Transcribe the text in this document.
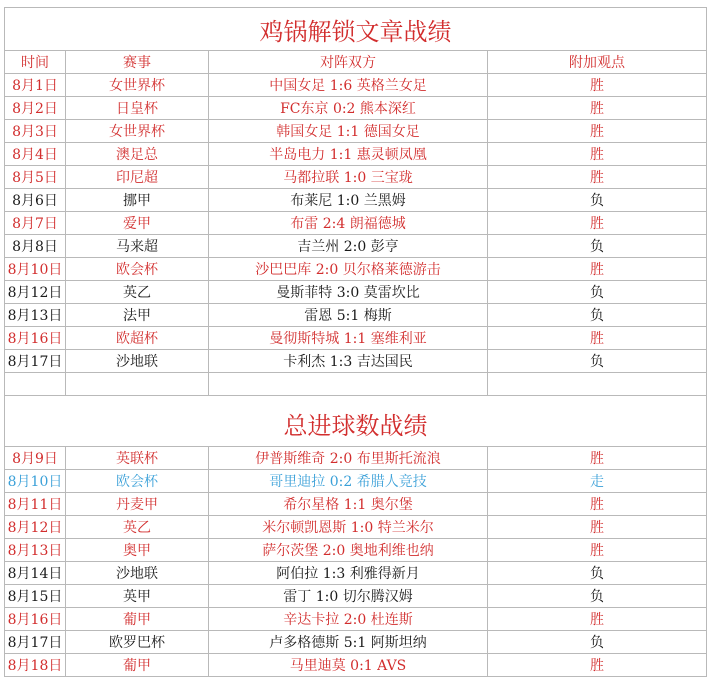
鸡锅解锁文章战绩			
时间	赛事	对阵双方	附加观点
8月1日	女世界杯	中国女足 1:6 英格兰女足	胜
8月2日	日皇杯	FC东京 0:2 熊本深红	胜
8月3日	女世界杯	韩国女足 1:1 德国女足	胜
8月4日	澳足总	半岛电力 1:1 惠灵顿凤凰	胜
8月5日	印尼超	马都拉联 1:0 三宝珑	胜
8月6日	挪甲	布莱尼 1:0 兰黑姆	负
8月7日	爱甲	布雷 2:4 朗福德城	胜
8月8日	马来超	吉兰州 2:0 彭亨	负
8月10日	欧会杯	沙巴巴库 2:0 贝尔格莱德游击	胜
8月12日	英乙	曼斯菲特 3:0 莫雷坎比	负
8月13日	法甲	雷恩 5:1 梅斯	负
8月16日	欧超杯	曼彻斯特城 1:1 塞维利亚	胜
8月17日	沙地联	卡利杰 1:3 吉达国民	负

总进球数战绩			
8月9日	英联杯	伊普斯维奇 2:0 布里斯托流浪	胜
8月10日	欧会杯	哥里迪拉 0:2 希腊人竞技	走
8月11日	丹麦甲	希尔星格 1:1 奥尔堡	胜
8月12日	英乙	米尔顿凯恩斯 1:0 特兰米尔	胜
8月13日	奥甲	萨尔茨堡 2:0 奥地利维也纳	胜
8月14日	沙地联	阿伯拉 1:3 利雅得新月	负
8月15日	英甲	雷丁 1:0 切尔腾汉姆	负
8月16日	葡甲	辛达卡拉 2:0 杜连斯	胜
8月17日	欧罗巴杯	卢多格德斯 5:1 阿斯坦纳	负
8月18日	葡甲	马里迪莫 0:1 AVS	胜
